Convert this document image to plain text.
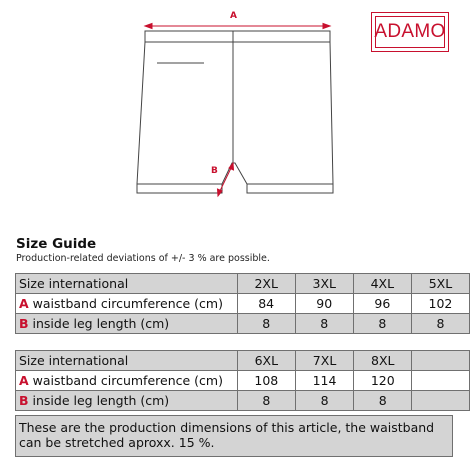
A
B
ADAMO
Size Guide
Production-related deviations of +/- 3 % are possible.
Size international	2XL	3XL	4XL	5XL
A waistband circumference (cm)	84	90	96	102
B inside leg length (cm)	8	8	8	8
Size international	6XL	7XL	8XL	
A waistband circumference (cm)	108	114	120	
B inside leg length (cm)	8	8	8	
These are the production dimensions of this article, the waistband can be stretched aproxx. 15 %.
